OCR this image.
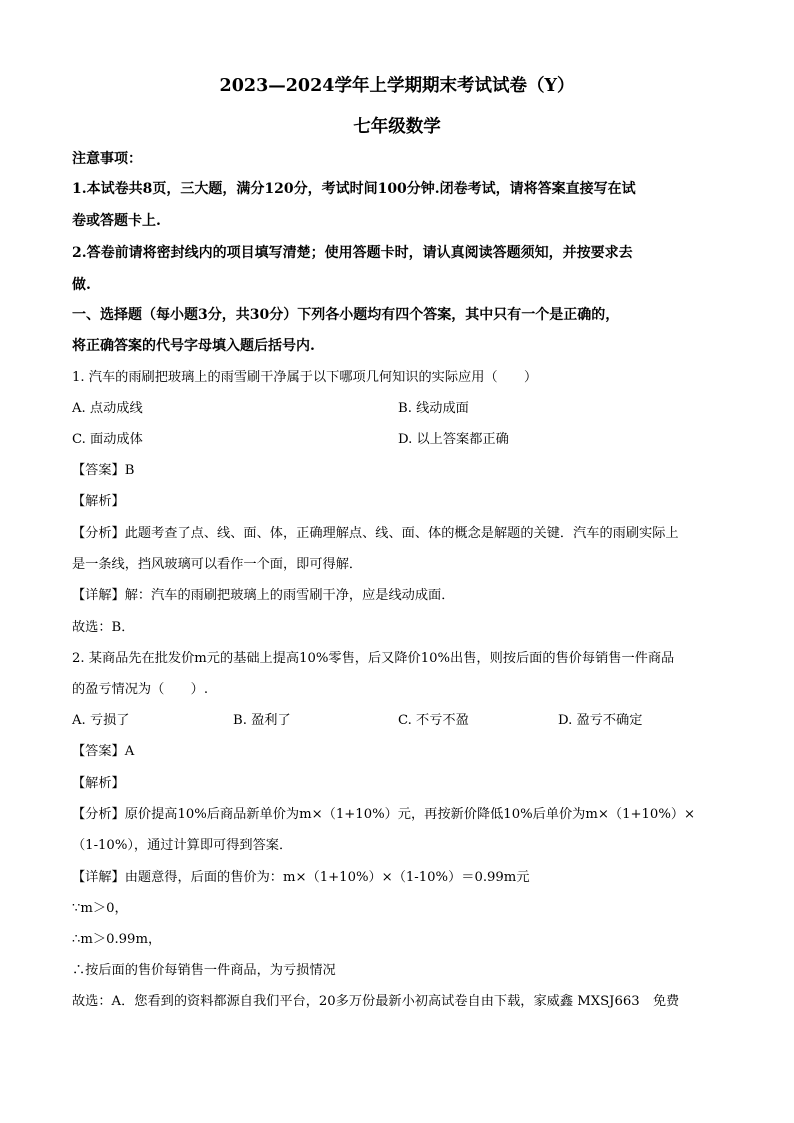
2023—2024学年上学期期末考试试卷（Y）
七年级数学
注意事项：
1.本试卷共8页，三大题，满分120分，考试时间100分钟.闭卷考试，请将答案直接写在试
卷或答题卡上.
2.答卷前请将密封线内的项目填写清楚；使用答题卡时，请认真阅读答题须知，并按要求去
做.
一、选择题（每小题3分，共30分）下列各小题均有四个答案，其中只有一个是正确的，
将正确答案的代号字母填入题后括号内.
1. 汽车的雨刷把玻璃上的雨雪刷干净属于以下哪项几何知识的实际应用（　　）
A. 点动成线	B. 线动成面
C. 面动成体	D. 以上答案都正确
【答案】B
【解析】
【分析】此题考查了点、线、面、体，正确理解点、线、面、体的概念是解题的关键．汽车的雨刷实际上
是一条线，挡风玻璃可以看作一个面，即可得解．
【详解】解：汽车的雨刷把玻璃上的雨雪刷干净，应是线动成面．
故选：B．
2. 某商品先在批发价m元的基础上提高10%零售，后又降价10%出售，则按后面的售价每销售一件商品
的盈亏情况为（　　）.
A. 亏损了	B. 盈利了	C. 不亏不盈	D. 盈亏不确定
【答案】A
【解析】
【分析】原价提高10%后商品新单价为m×（1+10%）元，再按新价降低10%后单价为m×（1+10%）×
（1-10%），通过计算即可得到答案．
【详解】由题意得，后面的售价为：m×（1+10%）×（1-10%）＝0.99m元
∵m＞0，
∴m＞0.99m，
∴按后面的售价每销售一件商品，为亏损情况
故选：A．您看到的资料都源自我们平台，20多万份最新小初高试卷自由下载，家威鑫 MXSJ663　免费
